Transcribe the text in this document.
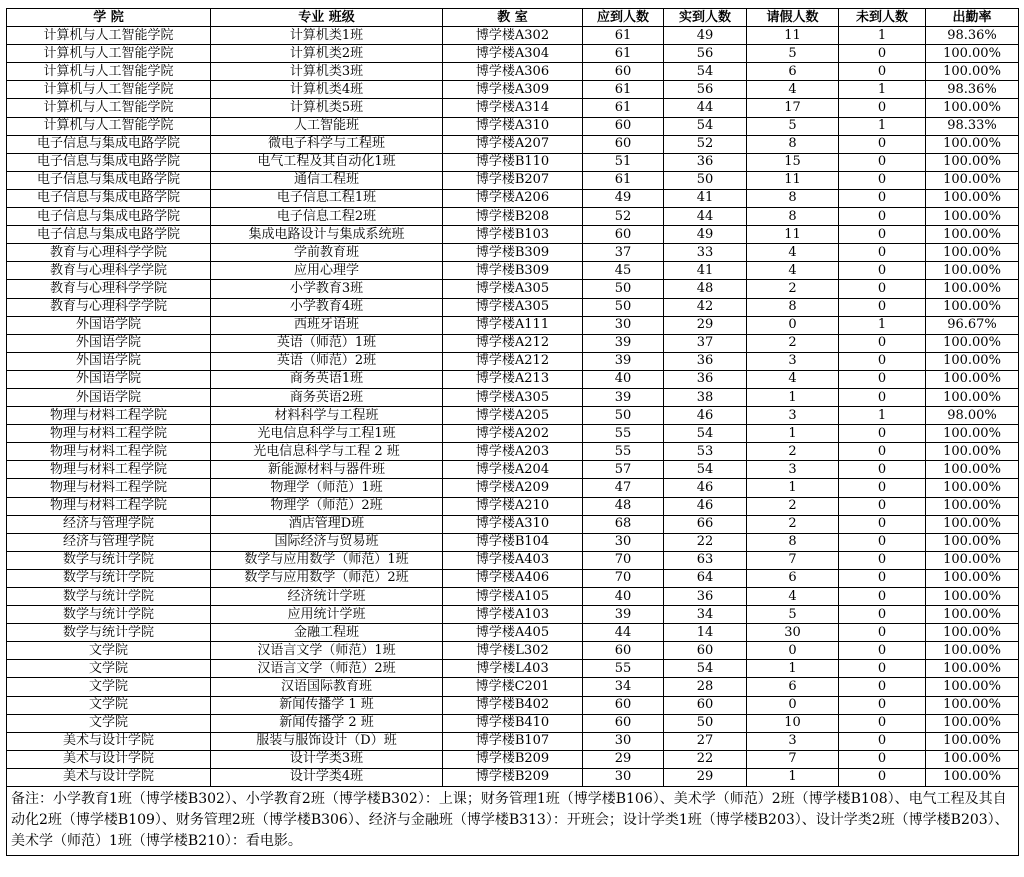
学 院	专业 班级	教 室	应到人数	实到人数	请假人数	未到人数	出勤率
计算机与人工智能学院	计算机类1班	博学楼A302	61	49	11	1	98.36%
计算机与人工智能学院	计算机类2班	博学楼A304	61	56	5	0	100.00%
计算机与人工智能学院	计算机类3班	博学楼A306	60	54	6	0	100.00%
计算机与人工智能学院	计算机类4班	博学楼A309	61	56	4	1	98.36%
计算机与人工智能学院	计算机类5班	博学楼A314	61	44	17	0	100.00%
计算机与人工智能学院	人工智能班	博学楼A310	60	54	5	1	98.33%
电子信息与集成电路学院	微电子科学与工程班	博学楼A207	60	52	8	0	100.00%
电子信息与集成电路学院	电气工程及其自动化1班	博学楼B110	51	36	15	0	100.00%
电子信息与集成电路学院	通信工程班	博学楼B207	61	50	11	0	100.00%
电子信息与集成电路学院	电子信息工程1班	博学楼A206	49	41	8	0	100.00%
电子信息与集成电路学院	电子信息工程2班	博学楼B208	52	44	8	0	100.00%
电子信息与集成电路学院	集成电路设计与集成系统班	博学楼B103	60	49	11	0	100.00%
教育与心理科学学院	学前教育班	博学楼B309	37	33	4	0	100.00%
教育与心理科学学院	应用心理学	博学楼B309	45	41	4	0	100.00%
教育与心理科学学院	小学教育3班	博学楼A305	50	48	2	0	100.00%
教育与心理科学学院	小学教育4班	博学楼A305	50	42	8	0	100.00%
外国语学院	西班牙语班	博学楼A111	30	29	0	1	96.67%
外国语学院	英语（师范）1班	博学楼A212	39	37	2	0	100.00%
外国语学院	英语（师范）2班	博学楼A212	39	36	3	0	100.00%
外国语学院	商务英语1班	博学楼A213	40	36	4	0	100.00%
外国语学院	商务英语2班	博学楼A305	39	38	1	0	100.00%
物理与材料工程学院	材料科学与工程班	博学楼A205	50	46	3	1	98.00%
物理与材料工程学院	光电信息科学与工程1班	博学楼A202	55	54	1	0	100.00%
物理与材料工程学院	光电信息科学与工程 2 班	博学楼A203	55	53	2	0	100.00%
物理与材料工程学院	新能源材料与器件班	博学楼A204	57	54	3	0	100.00%
物理与材料工程学院	物理学（师范）1班	博学楼A209	47	46	1	0	100.00%
物理与材料工程学院	物理学（师范）2班	博学楼A210	48	46	2	0	100.00%
经济与管理学院	酒店管理D班	博学楼A310	68	66	2	0	100.00%
经济与管理学院	国际经济与贸易班	博学楼B104	30	22	8	0	100.00%
数学与统计学院	数学与应用数学（师范）1班	博学楼A403	70	63	7	0	100.00%
数学与统计学院	数学与应用数学（师范）2班	博学楼A406	70	64	6	0	100.00%
数学与统计学院	经济统计学班	博学楼A105	40	36	4	0	100.00%
数学与统计学院	应用统计学班	博学楼A103	39	34	5	0	100.00%
数学与统计学院	金融工程班	博学楼A405	44	14	30	0	100.00%
文学院	汉语言文学（师范）1班	博学楼L302	60	60	0	0	100.00%
文学院	汉语言文学（师范）2班	博学楼L403	55	54	1	0	100.00%
文学院	汉语国际教育班	博学楼C201	34	28	6	0	100.00%
文学院	新闻传播学 1 班	博学楼B402	60	60	0	0	100.00%
文学院	新闻传播学 2 班	博学楼B410	60	50	10	0	100.00%
美术与设计学院	服装与服饰设计（D）班	博学楼B107	30	27	3	0	100.00%
美术与设计学院	设计学类3班	博学楼B209	29	22	7	0	100.00%
美术与设计学院	设计学类4班	博学楼B209	30	29	1	0	100.00%
备注：小学教育1班（博学楼B302）、小学教育2班（博学楼B302）：上课；财务管理1班（博学楼B106）、美术学（师范）2班（博学楼B108）、电气工程及其自动化2班（博学楼B109）、财务管理2班（博学楼B306）、经济与金融班（博学楼B313）：开班会；设计学类1班（博学楼B203）、设计学类2班（博学楼B203）、美术学（师范）1班（博学楼B210）：看电影。							
